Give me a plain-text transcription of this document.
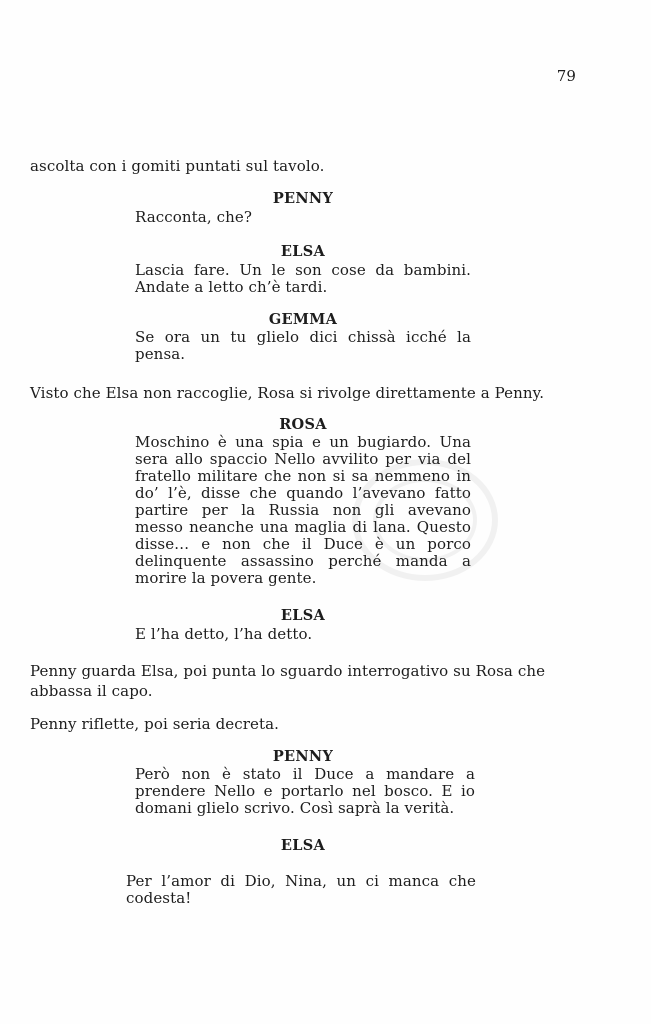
79
ascolta con i gomiti puntati sul tavolo.
PENNY
Racconta, che?
ELSA
Lascia fare. Un le son cose da bambini. Andate a letto ch’è tardi.
GEMMA
Se ora un tu glielo dici chissà icché la pensa.
Visto che Elsa non raccoglie, Rosa si rivolge direttamente a Penny.
ROSA
Moschino è una spia e un bugiardo. Una sera allo spaccio Nello avvilito per via del fratello militare che non si sa nemmeno in do’ l’è, disse che quando l’avevano fatto partire per la Russia non gli avevano messo neanche una maglia di lana. Questo disse… e non che il Duce è un porco delinquente assassino perché manda a morire la povera gente.
ELSA
E l’ha detto, l’ha detto.
Penny guarda Elsa, poi punta lo sguardo interrogativo su Rosa che abbassa il capo.
Penny riflette, poi seria decreta.
PENNY
Però non è stato il Duce a mandare a prendere Nello e portarlo nel bosco. E io domani glielo scrivo. Così saprà la verità.
ELSA
Per l’amor di Dio, Nina, un ci manca che codesta!
